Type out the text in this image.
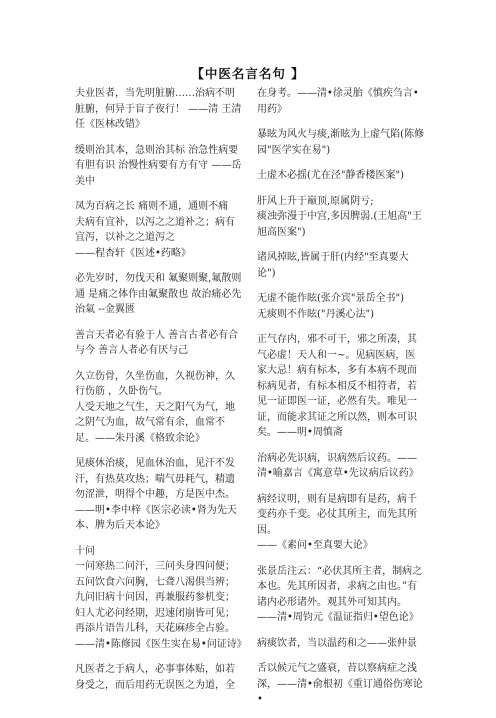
【中医名言名句 】

夫业医者，当先明脏腑……治病不明脏腑，何异于盲子夜行！ ——清 王清任《医林改错》

缓则治其本，急则治其标 治急性病要有胆有识 治慢性病要有方有守 ——岳美中

凤为百病之长 痛则不通，通则不痛
夫病有宜补，以泻之之道补之；病有宜泻，以补之之道泻之
——程杏轩《医述•药略》

必先岁时，勿伐天和 氟聚则聚,氟散则通 是痛之体作由氟聚散也 故治痛必先治氣 --金翼匮

善言天者必有验于人 善言古者必有合与今 善言人者必有厌与己

久立伤骨，久坐伤血，久视伤神，久行伤筋 ，久卧伤气。
人受天地之气生，天之阳气为气，地之阴气为血，故气常有余，血常不足。——朱丹溪《格致余论》

见痰休治痰，见血休治血，见汗不发汗，有热莫攻热；喘气毋耗气，精遗勿涩泄，明得个中趣，方是医中杰。——明•李中梓《医宗必读•肾为先天本、脾为后天本论》

十问
一问寒热二问汗，三问头身四问便；五问饮食六问胸，七聋八渴俱当辨；九问旧病十问因，再兼服药参机变；妇人尤必问经期，迟速闭崩皆可见；再添片语告儿科，天花麻疹全占验。——清•陈修园《医生实在易•问证诗》

凡医者之于病人，必事事体贴，如若身受之，而后用药无误医之为道，全

在身考。——清•徐灵胎《慎疾刍言•用药》

暴眩为风火与痰,渐眩为上虚气陷(陈修园"医学实在易")

土虚木必摇(尤在泾"静香楼医案")

肝风上升于巅顶,原属阴亏;
痰浊弥漫于中宫,多因脾弱.(王旭高"王旭高医案")

诸风掉眩,皆属于肝(内经"至真要大论")

无虚不能作眩(张介宾"景岳全书")
无痰则不作眩("丹溪心法")

正气存内，邪不可干，邪之所凑，其气必虚！天人和一~。见病医病，医家大忌！病有标本，多有本病不现而标病见者，有标本相反不相符者，若见一证即医一证，必然有失。唯见一证，而能求其证之所以然，则本可识矣。——明•周慎斋

治病必先识病，识病然后议药。——清•喻嘉言《寓意草•先议病后议药》

病经议明，则有是病即有是药，病千变药亦千变。必仗其所主，而先其所因。
——《素问•至真要大论》

张景岳注云：“必伏其所主者，制病之本也。先其所因者，求病之由也。”有诸内必形诸外。观其外可知其内。——清•周钧元《温证指归•望色论》

病痰饮者，当以温药和之——张仲景

舌以候元气之盛衰，苔以察病症之浅深，——清•俞根初《重订通俗伤寒论•
